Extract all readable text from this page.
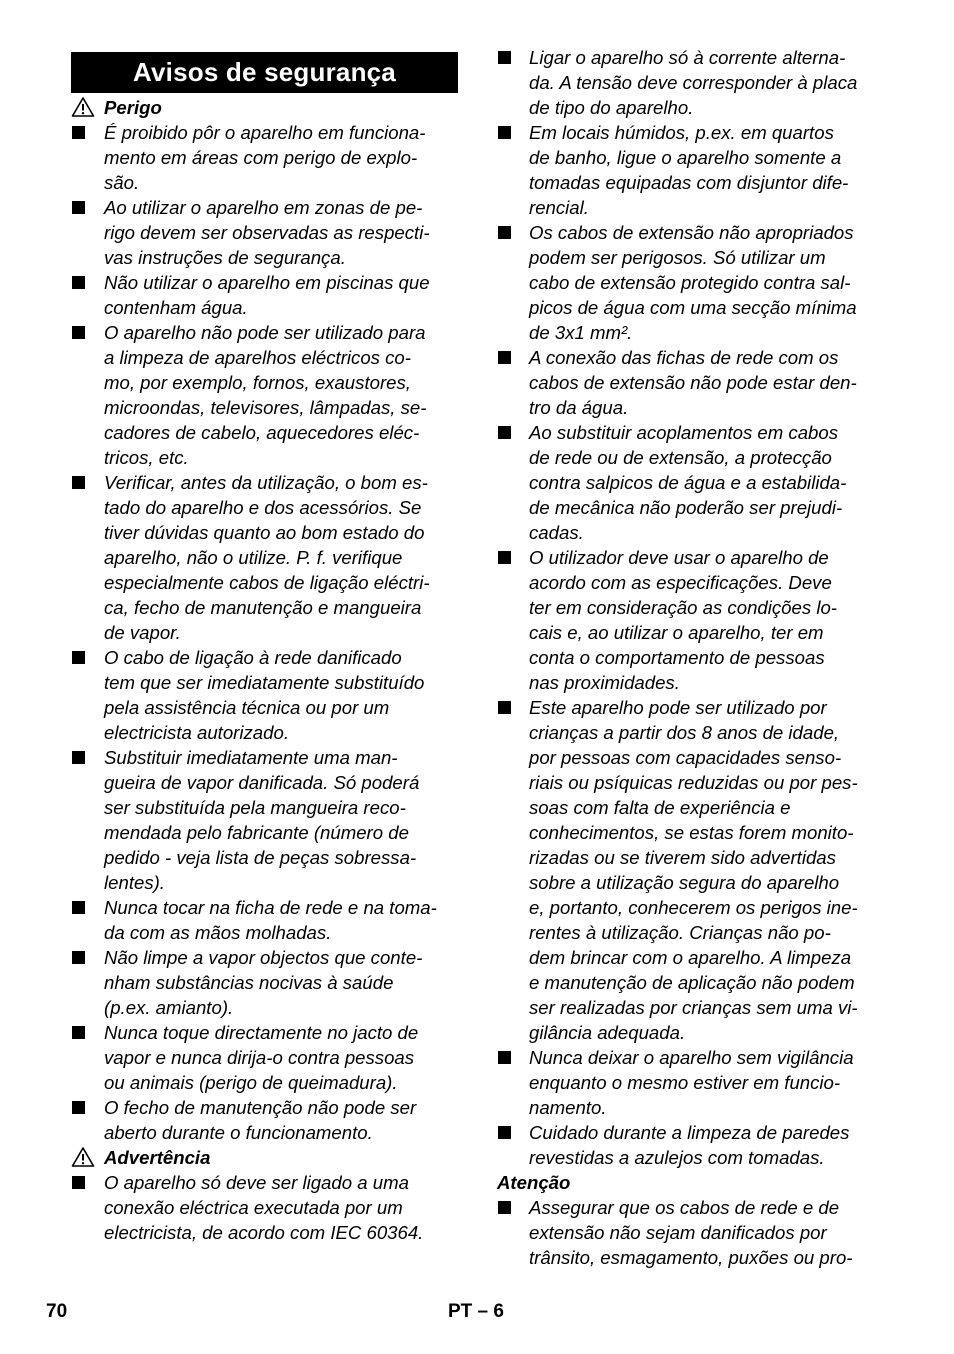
Avisos de segurança
Perigo
É proibido pôr o aparelho em funciona-
mento em áreas com perigo de explo-
são.
Ao utilizar o aparelho em zonas de pe-
rigo devem ser observadas as respecti-
vas instruções de segurança.
Não utilizar o aparelho em piscinas que
contenham água.
O aparelho não pode ser utilizado para
a limpeza de aparelhos eléctricos co-
mo, por exemplo, fornos, exaustores,
microondas, televisores, lâmpadas, se-
cadores de cabelo, aquecedores eléc-
tricos, etc.
Verificar, antes da utilização, o bom es-
tado do aparelho e dos acessórios. Se
tiver dúvidas quanto ao bom estado do
aparelho, não o utilize. P. f. verifique
especialmente cabos de ligação eléctri-
ca, fecho de manutenção e mangueira
de vapor.
O cabo de ligação à rede danificado
tem que ser imediatamente substituído
pela assistência técnica ou por um
electricista autorizado.
Substituir imediatamente uma man-
gueira de vapor danificada. Só poderá
ser substituída pela mangueira reco-
mendada pelo fabricante (número de
pedido - veja lista de peças sobressa-
lentes).
Nunca tocar na ficha de rede e na toma-
da com as mãos molhadas.
Não limpe a vapor objectos que conte-
nham substâncias nocivas à saúde
(p.ex. amianto).
Nunca toque directamente no jacto de
vapor e nunca dirija-o contra pessoas
ou animais (perigo de queimadura).
O fecho de manutenção não pode ser
aberto durante o funcionamento.
Advertência
O aparelho só deve ser ligado a uma
conexão eléctrica executada por um
electricista, de acordo com IEC 60364.
Ligar o aparelho só à corrente alterna-
da. A tensão deve corresponder à placa
de tipo do aparelho.
Em locais húmidos, p.ex. em quartos
de banho, ligue o aparelho somente a
tomadas equipadas com disjuntor dife-
rencial.
Os cabos de extensão não apropriados
podem ser perigosos. Só utilizar um
cabo de extensão protegido contra sal-
picos de água com uma secção mínima
de 3x1 mm².
A conexão das fichas de rede com os
cabos de extensão não pode estar den-
tro da água.
Ao substituir acoplamentos em cabos
de rede ou de extensão, a protecção
contra salpicos de água e a estabilida-
de mecânica não poderão ser prejudi-
cadas.
O utilizador deve usar o aparelho de
acordo com as especificações. Deve
ter em consideração as condições lo-
cais e, ao utilizar o aparelho, ter em
conta o comportamento de pessoas
nas proximidades.
Este aparelho pode ser utilizado por
crianças a partir dos 8 anos de idade,
por pessoas com capacidades senso-
riais ou psíquicas reduzidas ou por pes-
soas com falta de experiência e
conhecimentos, se estas forem monito-
rizadas ou se tiverem sido advertidas
sobre a utilização segura do aparelho
e, portanto, conhecerem os perigos ine-
rentes à utilização. Crianças não po-
dem brincar com o aparelho. A limpeza
e manutenção de aplicação não podem
ser realizadas por crianças sem uma vi-
gilância adequada.
Nunca deixar o aparelho sem vigilância
enquanto o mesmo estiver em funcio-
namento.
Cuidado durante a limpeza de paredes
revestidas a azulejos com tomadas.
Atenção
Assegurar que os cabos de rede e de
extensão não sejam danificados por
trânsito, esmagamento, puxões ou pro-
70	PT – 6
